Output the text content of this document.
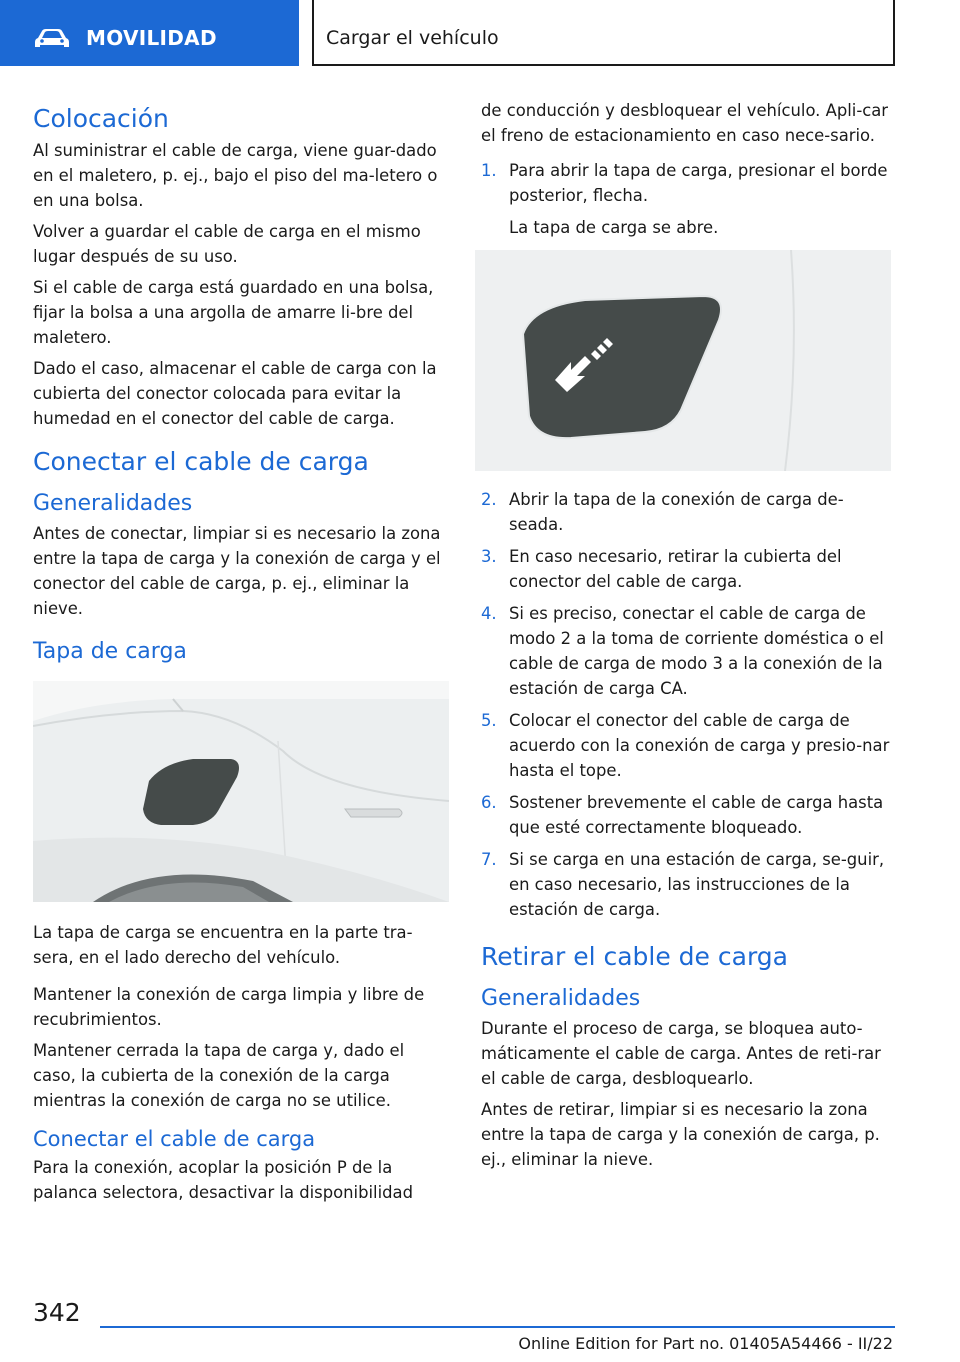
MOVILIDAD	Cargar el vehículo
Colocación

Al suministrar el cable de carga, viene guar-dado en el maletero, p. ej., bajo el piso del ma-letero o en una bolsa.

Volver a guardar el cable de carga en el mismo lugar después de su uso.

Si el cable de carga está guardado en una bolsa, fijar la bolsa a una argolla de amarre li-bre del maletero.

Dado el caso, almacenar el cable de carga con la cubierta del conector colocada para evitar la humedad en el conector del cable de carga.

Conectar el cable de carga
Generalidades

Antes de conectar, limpiar si es necesario la zona entre la tapa de carga y la conexión de carga y el conector del cable de carga, p. ej., eliminar la nieve.

Tapa de carga

La tapa de carga se encuentra en la parte tra-sera, en el lado derecho del vehículo.

Mantener la conexión de carga limpia y libre de recubrimientos.

Mantener cerrada la tapa de carga y, dado el caso, la cubierta de la conexión de la carga mientras la conexión de carga no se utilice.

Conectar el cable de carga

Para la conexión, acoplar la posición P de la palanca selectora, desactivar la disponibilidad

de conducción y desbloquear el vehículo. Apli-car el freno de estacionamiento en caso nece-sario.

1. Para abrir la tapa de carga, presionar el borde posterior, flecha.
La tapa de carga se abre.
2. Abrir la tapa de la conexión de carga de-seada.
3. En caso necesario, retirar la cubierta del conector del cable de carga.
4. Si es preciso, conectar el cable de carga de modo 2 a la toma de corriente doméstica o el cable de carga de modo 3 a la conexión de la estación de carga CA.
5. Colocar el conector del cable de carga de acuerdo con la conexión de carga y presio-nar hasta el tope.
6. Sostener brevemente el cable de carga hasta que esté correctamente bloqueado.
7. Si se carga en una estación de carga, se-guir, en caso necesario, las instrucciones de la estación de carga.
Retirar el cable de carga
Generalidades

Durante el proceso de carga, se bloquea auto-máticamente el cable de carga. Antes de reti-rar el cable de carga, desbloquearlo.

Antes de retirar, limpiar si es necesario la zona entre la tapa de carga y la conexión de carga, p. ej., eliminar la nieve.

342
Online Edition for Part no. 01405A54466 - II/22
